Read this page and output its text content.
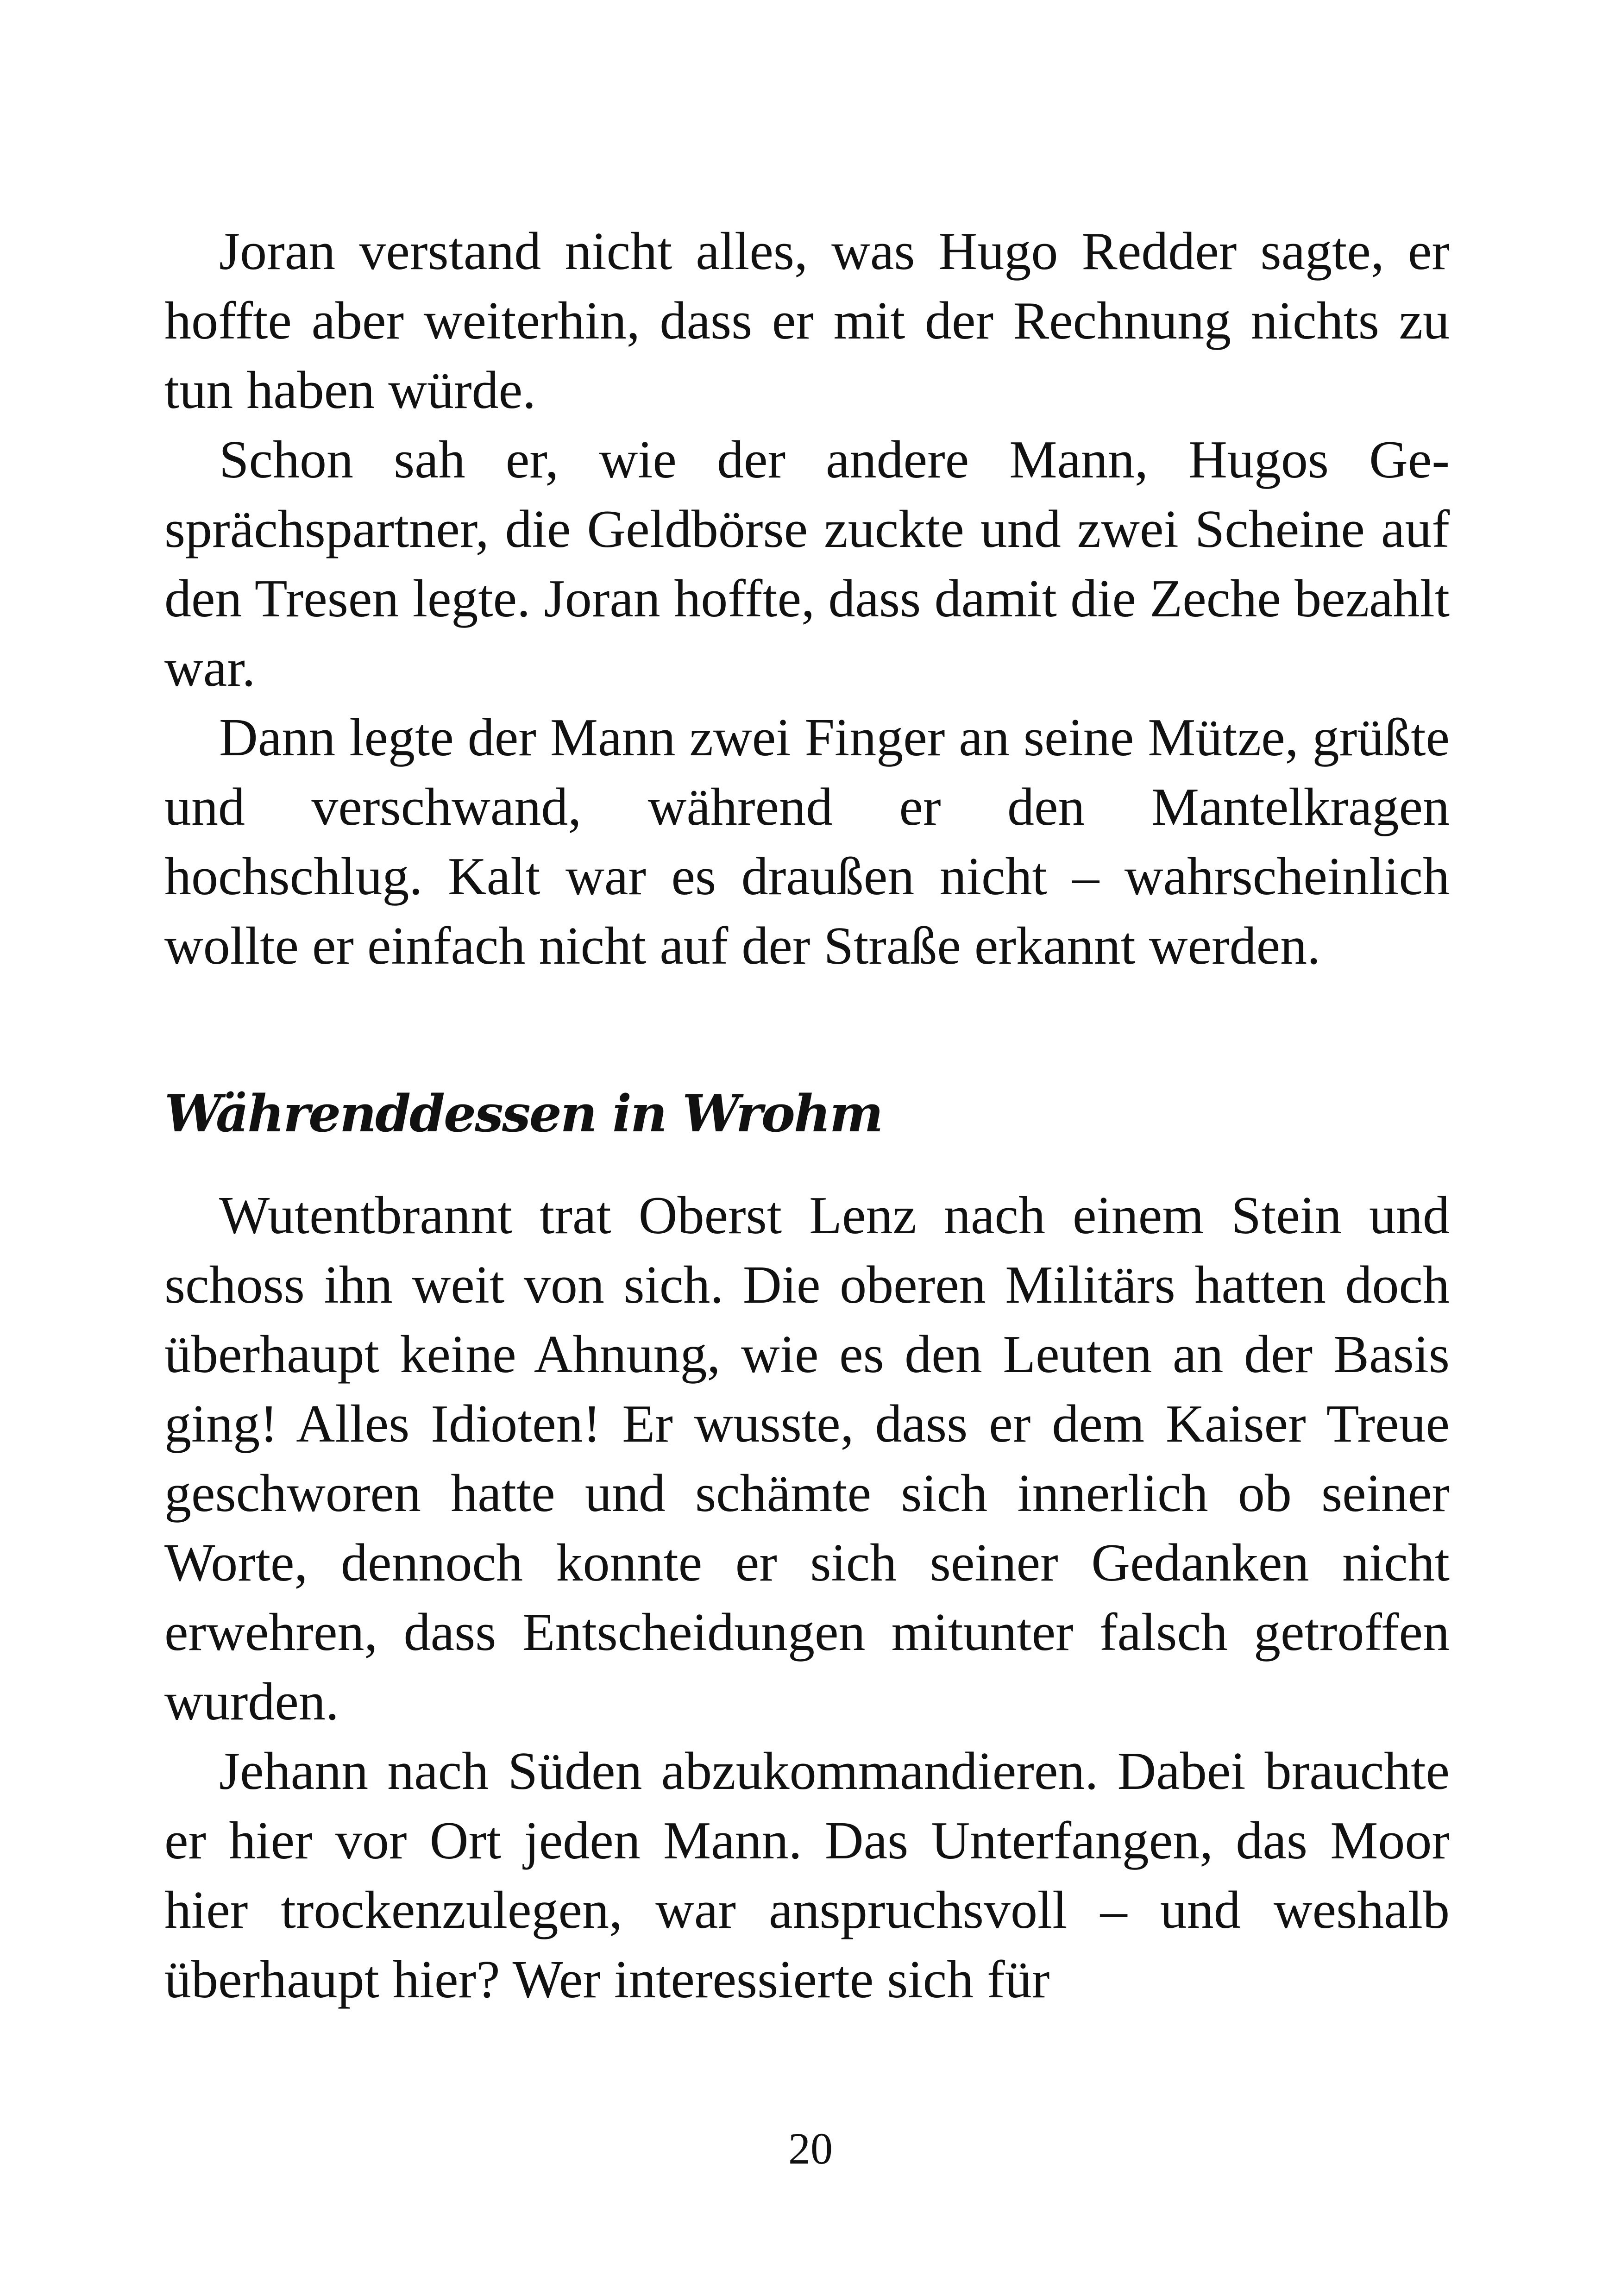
Joran verstand nicht alles, was Hugo Redder sagte, er hoffte aber weiterhin, dass er mit der Rechnung nichts zu tun haben würde.

Schon sah er, wie der andere Mann, Hugos Gesprächspartner, die Geldbörse zuckte und zwei Scheine auf den Tresen legte. Joran hoffte, dass damit die Zeche bezahlt war.

Dann legte der Mann zwei Finger an seine Mütze, grüßte und verschwand, während er den Mantelkragen hochschlug. Kalt war es draußen nicht – wahrscheinlich wollte er einfach nicht auf der Straße erkannt werden.

Währenddessen in Wrohm

Wutentbrannt trat Oberst Lenz nach einem Stein und schoss ihn weit von sich. Die oberen Militärs hatten doch überhaupt keine Ahnung, wie es den Leuten an der Basis ging! Alles Idioten! Er wusste, dass er dem Kaiser Treue geschworen hatte und schämte sich innerlich ob seiner Worte, dennoch konnte er sich seiner Gedanken nicht erwehren, dass Entscheidungen mitunter falsch getroffen wurden.

Jehann nach Süden abzukommandieren. Dabei brauchte er hier vor Ort jeden Mann. Das Unterfangen, das Moor hier trockenzulegen, war anspruchsvoll – und weshalb überhaupt hier? Wer interessierte sich für

20
